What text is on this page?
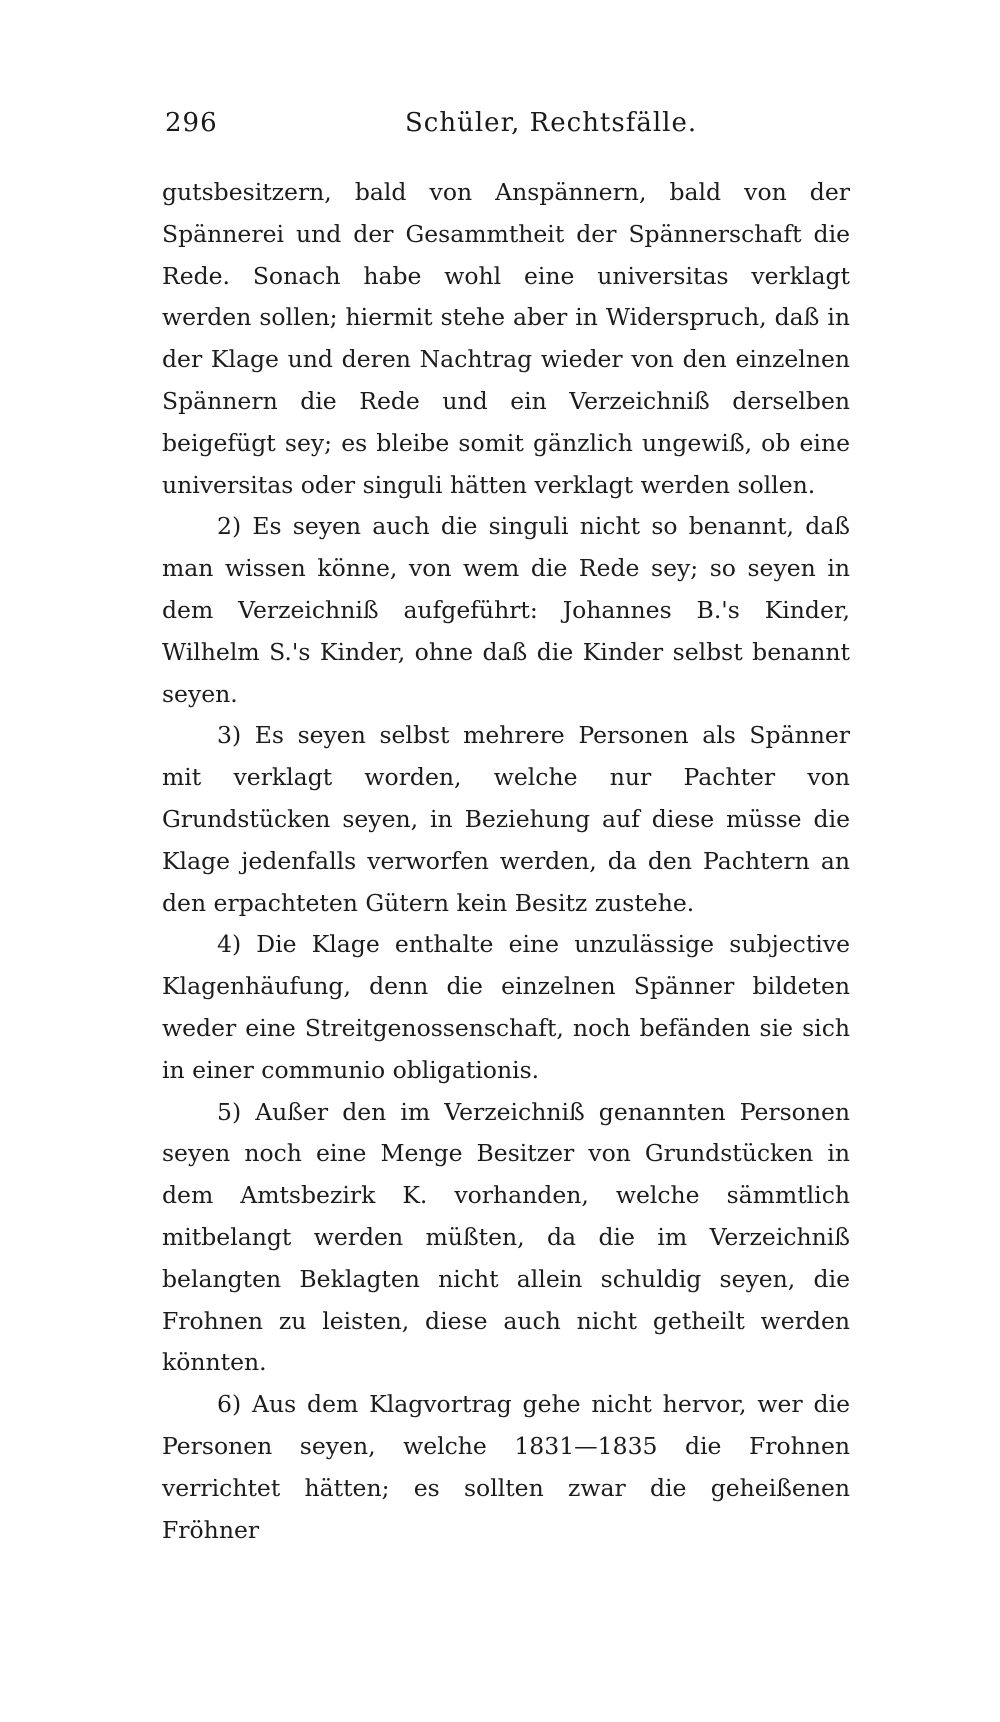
296	Schüler, Rechtsfälle.

gutsbesitzern, bald von Anspännern, bald von der Spännerei und der Gesammtheit der Spännerschaft die Rede. Sonach habe wohl eine universitas verklagt werden sollen; hiermit stehe aber in Widerspruch, daß in der Klage und deren Nachtrag wieder von den einzelnen Spännern die Rede und ein Verzeichniß derselben beigefügt sey; es bleibe somit gänzlich ungewiß, ob eine universitas oder singuli hätten verklagt werden sollen.

2) Es seyen auch die singuli nicht so benannt, daß man wissen könne, von wem die Rede sey; so seyen in dem Verzeichniß aufgeführt: Johannes B.'s Kinder, Wilhelm S.'s Kinder, ohne daß die Kinder selbst benannt seyen.

3) Es seyen selbst mehrere Personen als Spänner mit verklagt worden, welche nur Pachter von Grundstücken seyen, in Beziehung auf diese müsse die Klage jedenfalls verworfen werden, da den Pachtern an den erpachteten Gütern kein Besitz zustehe.

4) Die Klage enthalte eine unzulässige subjective Klagenhäufung, denn die einzelnen Spänner bildeten weder eine Streitgenossenschaft, noch befänden sie sich in einer communio obligationis.

5) Außer den im Verzeichniß genannten Personen seyen noch eine Menge Besitzer von Grundstücken in dem Amtsbezirk K. vorhanden, welche sämmtlich mitbelangt werden müßten, da die im Verzeichniß belangten Beklagten nicht allein schuldig seyen, die Frohnen zu leisten, diese auch nicht getheilt werden könnten.

6) Aus dem Klagvortrag gehe nicht hervor, wer die Personen seyen, welche 1831—1835 die Frohnen verrichtet hätten; es sollten zwar die geheißenen Fröhner
